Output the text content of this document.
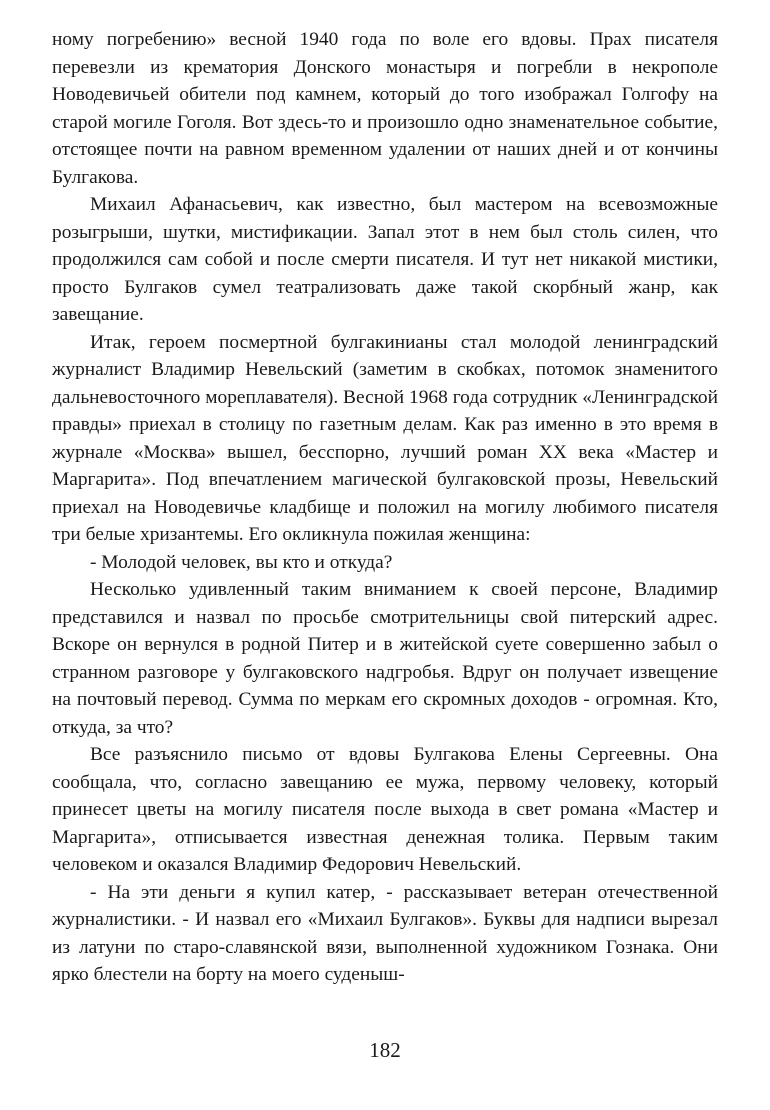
ному погребению» весной 1940 года по воле его вдовы. Прах писателя перевезли из крематория Донского монастыря и погребли в некрополе Новодевичьей обители под камнем, который до того изображал Голгофу на старой могиле Гоголя. Вот здесь-то и произошло одно знаменательное событие, отстоящее почти на равном временном удалении от наших дней и от кончины Булгакова.

Михаил Афанасьевич, как известно, был мастером на всевозможные розыгрыши, шутки, мистификации. Запал этот в нем был столь силен, что продолжился сам собой и после смерти писателя. И тут нет никакой мистики, просто Булгаков сумел театрализовать даже такой скорбный жанр, как завещание.

Итак, героем посмертной булгакинианы стал молодой ленинградский журналист Владимир Невельский (заметим в скобках, потомок знаменитого дальневосточного мореплавателя). Весной 1968 года сотрудник «Ленинградской правды» приехал в столицу по газетным делам. Как раз именно в это время в журнале «Москва» вышел, бесспорно, лучший роман XX века «Мастер и Маргарита». Под впечатлением магической булгаковской прозы, Невельский приехал на Новодевичье кладбище и положил на могилу любимого писателя три белые хризантемы. Его окликнула пожилая женщина:

- Молодой человек, вы кто и откуда?

Несколько удивленный таким вниманием к своей персоне, Владимир представился и назвал по просьбе смотрительницы свой питерский адрес. Вскоре он вернулся в родной Питер и в житейской суете совершенно забыл о странном разговоре у булгаковского надгробья. Вдруг он получает извещение на почтовый перевод. Сумма по меркам его скромных доходов - огромная. Кто, откуда, за что?

Все разъяснило письмо от вдовы Булгакова Елены Сергеевны. Она сообщала, что, согласно завещанию ее мужа, первому человеку, который принесет цветы на могилу писателя после выхода в свет романа «Мастер и Маргарита», отписывается известная денежная толика. Первым таким человеком и оказался Владимир Федорович Невельский.

- На эти деньги я купил катер, - рассказывает ветеран отечественной журналистики. - И назвал его «Михаил Булгаков». Буквы для надписи вырезал из латуни по старо-славянской вязи, выполненной художником Гознака. Они ярко блестели на борту на моего суденыш-

182
